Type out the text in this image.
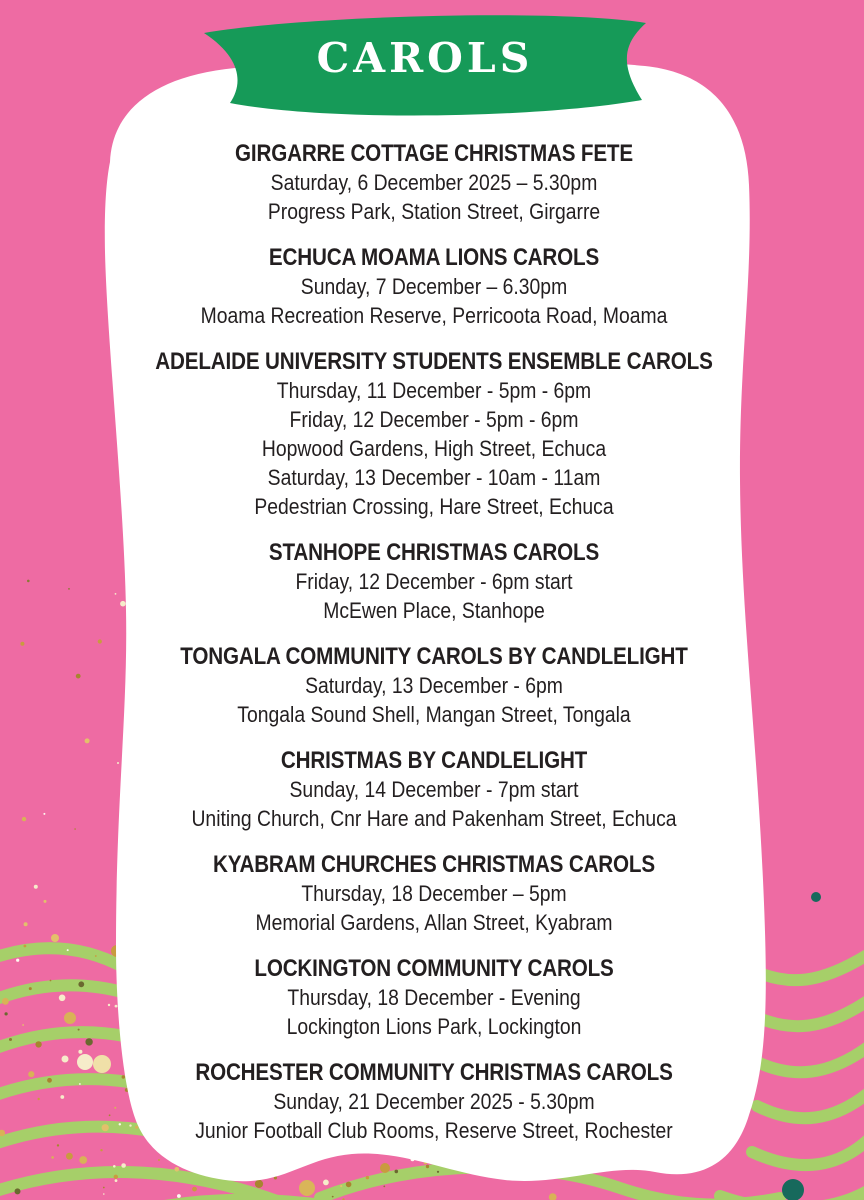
CAROLS
GIRGARRE COTTAGE CHRISTMAS FETE
Saturday, 6 December 2025 – 5.30pm
Progress Park, Station Street, Girgarre
ECHUCA MOAMA LIONS CAROLS
Sunday, 7 December – 6.30pm
Moama Recreation Reserve, Perricoota Road, Moama
ADELAIDE UNIVERSITY STUDENTS ENSEMBLE CAROLS
Thursday, 11 December - 5pm - 6pm
Friday, 12 December - 5pm - 6pm
Hopwood Gardens, High Street, Echuca
Saturday, 13 December - 10am - 11am
Pedestrian Crossing, Hare Street, Echuca
STANHOPE CHRISTMAS CAROLS
Friday, 12 December - 6pm start
McEwen Place, Stanhope
TONGALA COMMUNITY CAROLS BY CANDLELIGHT
Saturday, 13 December - 6pm
Tongala Sound Shell, Mangan Street, Tongala
CHRISTMAS BY CANDLELIGHT
Sunday, 14 December - 7pm start
Uniting Church, Cnr Hare and Pakenham Street, Echuca
KYABRAM CHURCHES CHRISTMAS CAROLS
Thursday, 18 December – 5pm
Memorial Gardens, Allan Street, Kyabram
LOCKINGTON COMMUNITY CAROLS
Thursday, 18 December - Evening
Lockington Lions Park, Lockington
ROCHESTER COMMUNITY CHRISTMAS CAROLS
Sunday, 21 December 2025 - 5.30pm
Junior Football Club Rooms, Reserve Street, Rochester
